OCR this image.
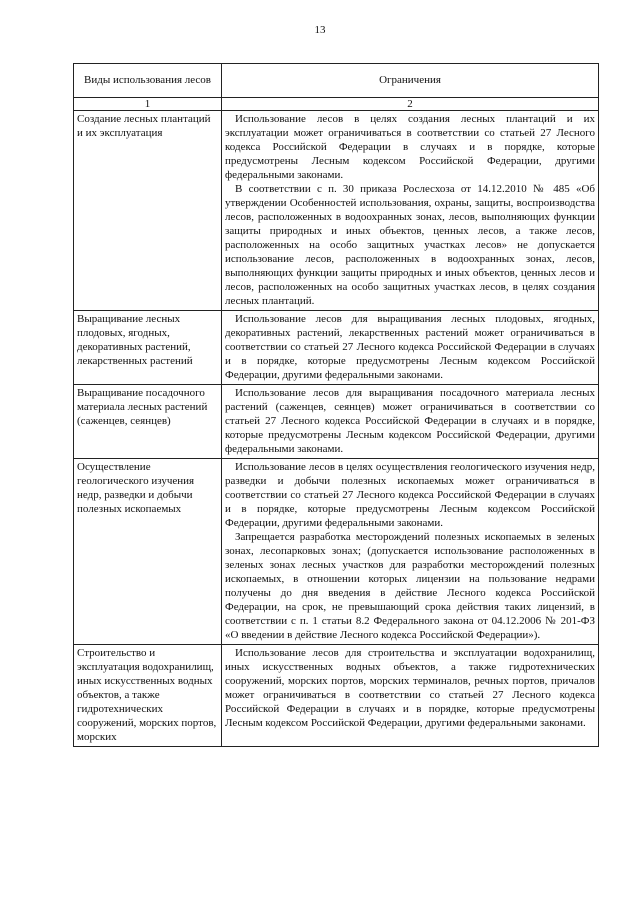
13
Виды использования лесов	Ограничения
1	2
Создание лесных плантаций и их эксплуатация	Использование лесов в целях создания лесных плантаций и их эксплуатации может ограничиваться в соответствии со статьей 27 Лесного кодекса Российской Федерации в случаях и в порядке, которые предусмотрены Лесным кодексом Российской Федерации, другими федеральными законами.

В соответствии с п. 30 приказа Рослесхоза от 14.12.2010 № 485 «Об утверждении Особенностей использования, охраны, защиты, воспроизводства лесов, расположенных в водоохранных зонах, лесов, выполняющих функции защиты природных и иных объектов, ценных лесов, а также лесов, расположенных на особо защитных участках лесов» не допускается использование лесов, расположенных в водоохранных зонах, лесов, выполняющих функции защиты природных и иных объектов, ценных лесов и лесов, расположенных на особо защитных участках лесов, в целях создания лесных плантаций.

Выращивание лесных плодовых, ягодных, декоративных растений, лекарственных растений	Использование лесов для выращивания лесных плодовых, ягодных, декоративных растений, лекарственных растений может ограничиваться в соответствии со статьей 27 Лесного кодекса Российской Федерации в случаях и в порядке, которые предусмотрены Лесным кодексом Российской Федерации, другими федеральными законами.

Выращивание посадочного материала лесных растений (саженцев, сеянцев)	Использование лесов для выращивания посадочного материала лесных растений (саженцев, сеянцев) может ограничиваться в соответствии со статьей 27 Лесного кодекса Российской Федерации в случаях и в порядке, которые предусмотрены Лесным кодексом Российской Федерации, другими федеральными законами.

Осуществление геологического изучения недр, разведки и добычи полезных ископаемых	Использование лесов в целях осуществления геологического изучения недр, разведки и добычи полезных ископаемых может ограничиваться в соответствии со статьей 27 Лесного кодекса Российской Федерации в случаях и в порядке, которые предусмотрены Лесным кодексом Российской Федерации, другими федеральными законами.

Запрещается разработка месторождений полезных ископаемых в зеленых зонах, лесопарковых зонах; (допускается использование расположенных в зеленых зонах лесных участков для разработки месторождений полезных ископаемых, в отношении которых лицензии на пользование недрами получены до дня введения в действие Лесного кодекса Российской Федерации, на срок, не превышающий срока действия таких лицензий, в соответствии с п. 1 статьи 8.2 Федерального закона от 04.12.2006 № 201-ФЗ «О введении в действие Лесного кодекса Российской Федерации»).

Строительство и эксплуатация водохранилищ, иных искусственных водных объектов, а также гидротехнических сооружений, морских портов, морских	Использование лесов для строительства и эксплуатации водохранилищ, иных искусственных водных объектов, а также гидротехнических сооружений, морских портов, морских терминалов, речных портов, причалов может ограничиваться в соответствии со статьей 27 Лесного кодекса Российской Федерации в случаях и в порядке, которые предусмотрены Лесным кодексом Российской Федерации, другими федеральными законами.
